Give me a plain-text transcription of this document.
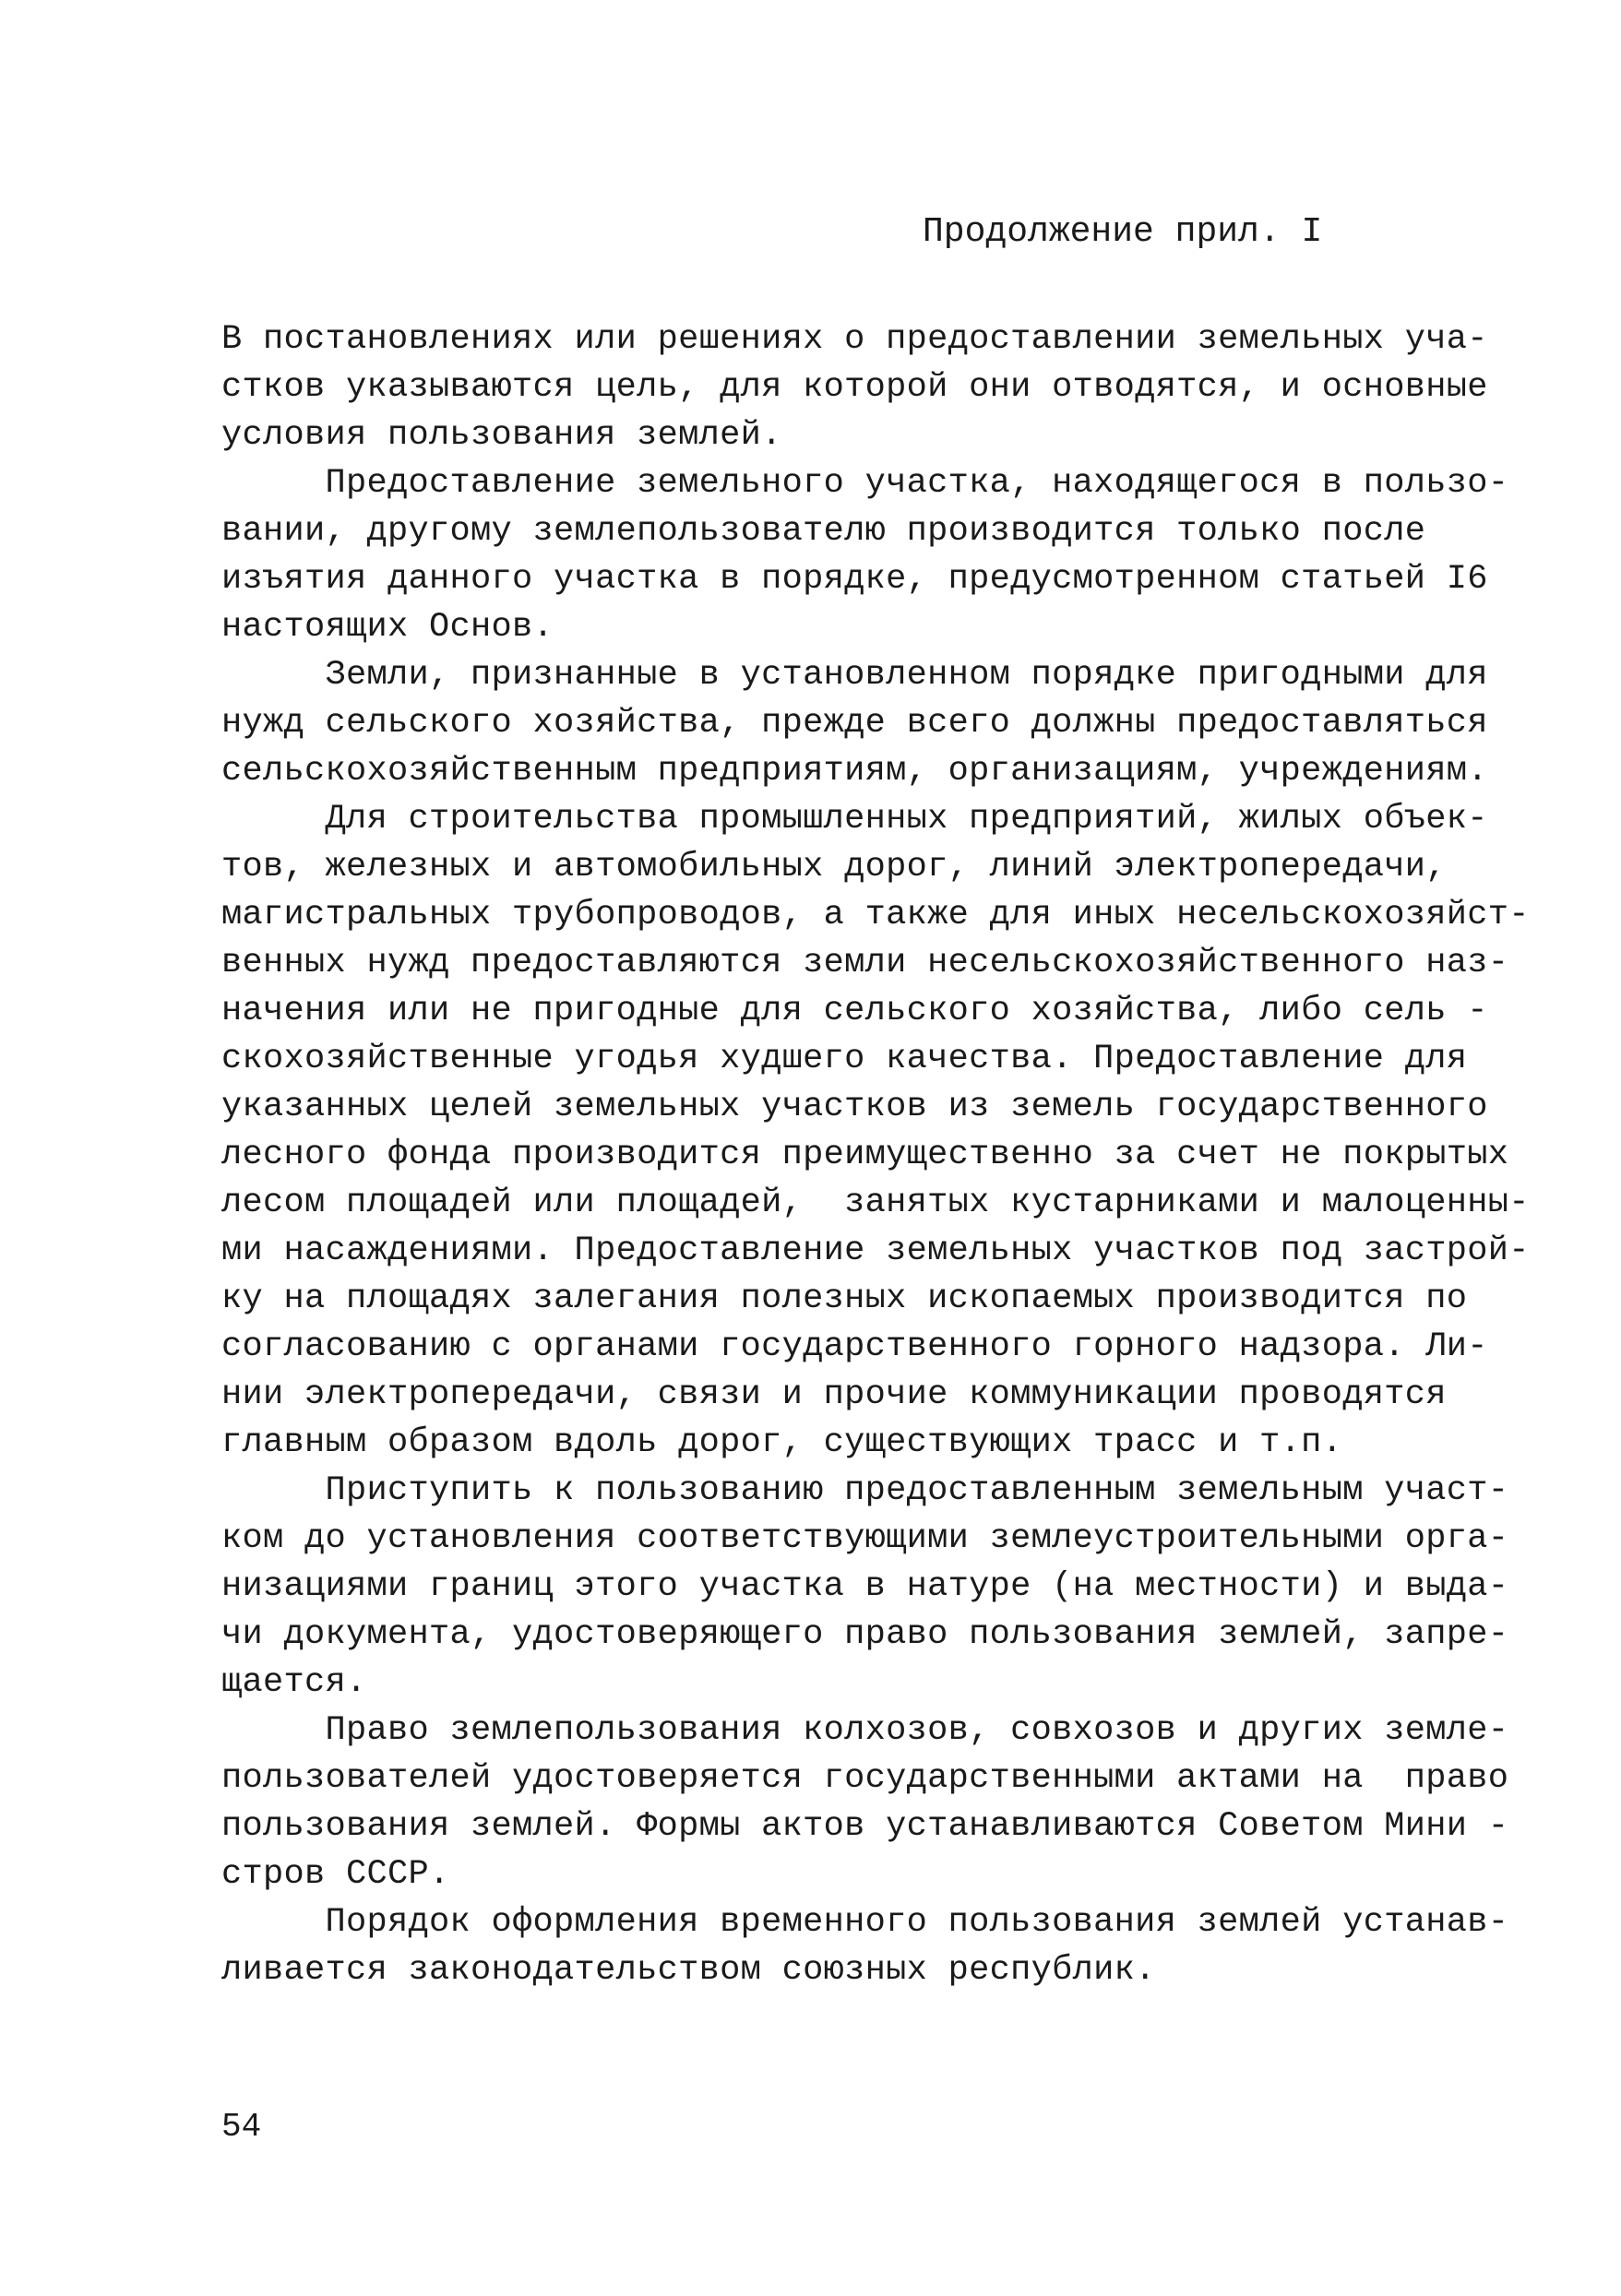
Продолжение прил. I
В постановлениях или решениях о предоставлении земельных уча-
стков указываются цель, для которой они отводятся, и основные
условия пользования землей.
Предоставление земельного участка, находящегося в пользо-
вании, другому землепользователю производится только после
изъятия данного участка в порядке, предусмотренном статьей I6
настоящих Основ.
Земли, признанные в установленном порядке пригодными для
нужд сельского хозяйства, прежде всего должны предоставляться
сельскохозяйственным предприятиям, организациям, учреждениям.
Для строительства промышленных предприятий, жилых объек-
тов, железных и автомобильных дорог, линий электропередачи,
магистральных трубопроводов, а также для иных несельскохозяйст-
венных нужд предоставляются земли несельскохозяйственного наз-
начения или не пригодные для сельского хозяйства, либо сель -
скохозяйственные угодья худшего качества. Предоставление для
указанных целей земельных участков из земель государственного
лесного фонда производится преимущественно за счет не покрытых
лесом площадей или площадей,  занятых кустарниками и малоценны-
ми насаждениями. Предоставление земельных участков под застрой-
ку на площадях залегания полезных ископаемых производится по
согласованию с органами государственного горного надзора. Ли-
нии электропередачи, связи и прочие коммуникации проводятся
главным образом вдоль дорог, существующих трасс и т.п.
Приступить к пользованию предоставленным земельным участ-
ком до установления соответствующими землеустроительными орга-
низациями границ этого участка в натуре (на местности) и выда-
чи документа, удостоверяющего право пользования землей, запре-
щается.
Право землепользования колхозов, совхозов и других земле-
пользователей удостоверяется государственными актами на  право
пользования землей. Формы актов устанавливаются Советом Мини -
стров СССР.
Порядок оформления временного пользования землей устанав-
ливается законодательством союзных республик.
54
